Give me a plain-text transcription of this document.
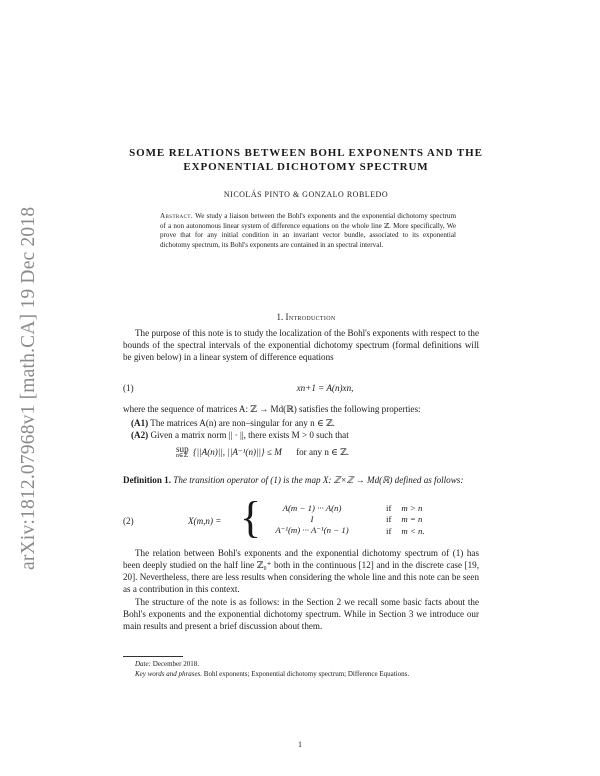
arXiv:1812.07968v1 [math.CA] 19 Dec 2018
SOME RELATIONS BETWEEN BOHL EXPONENTS AND THE
EXPONENTIAL DICHOTOMY SPECTRUM
NICOLÁS PINTO & GONZALO ROBLEDO
Abstract. We study a liaison between the Bohl's exponents and the exponential dichotomy spectrum of a non autonomous linear system of difference equations on the whole line ℤ. More specifically, We prove that for any initial condition in an invariant vector bundle, associated to its exponential dichotomy spectrum, its Bohl's exponents are contained in an spectral interval.
1. Introduction
The purpose of this note is to study the localization of the Bohl's exponents with respect to the bounds of the spectral intervals of the exponential dichotomy spectrum (formal definitions will be given below) in a linear system of difference equations
(1)	xn+1 = A(n)xn,
where the sequence of matrices A: ℤ → Md(ℝ) satisfies the following properties:
(A1) The matrices A(n) are non–singular for any n ∈ ℤ.
(A2) Given a matrix norm || · ||, there exists M > 0 such that
sup
n∈ℤ {||A(n)||, ||A⁻¹(n)||} ≤ M for any n ∈ ℤ.
Definition 1. The transition operator of (1) is the map X: ℤ×ℤ → Md(ℝ) defined as follows:
(2)	X(m,n) = { A(m − 1) ··· A(n)	if	m > n
I	if	m = n
A⁻¹(m) ··· A⁻¹(n − 1)	if	m < n.
The relation between Bohl's exponents and the exponential dichotomy spectrum of (1) has been deeply studied on the half line ℤ₀⁺ both in the continuous [12] and in the discrete case [19, 20]. Nevertheless, there are less results when considering the whole line and this note can be seen as a contribution in this context.
The structure of the note is as follows: in the Section 2 we recall some basic facts about the Bohl's exponents and the exponential dichotomy spectrum. While in Section 3 we introduce our main results and present a brief discussion about them.
Date: December 2018.
Key words and phrases. Bohl exponents; Exponential dichotomy spectrum; Difference Equations.
1
